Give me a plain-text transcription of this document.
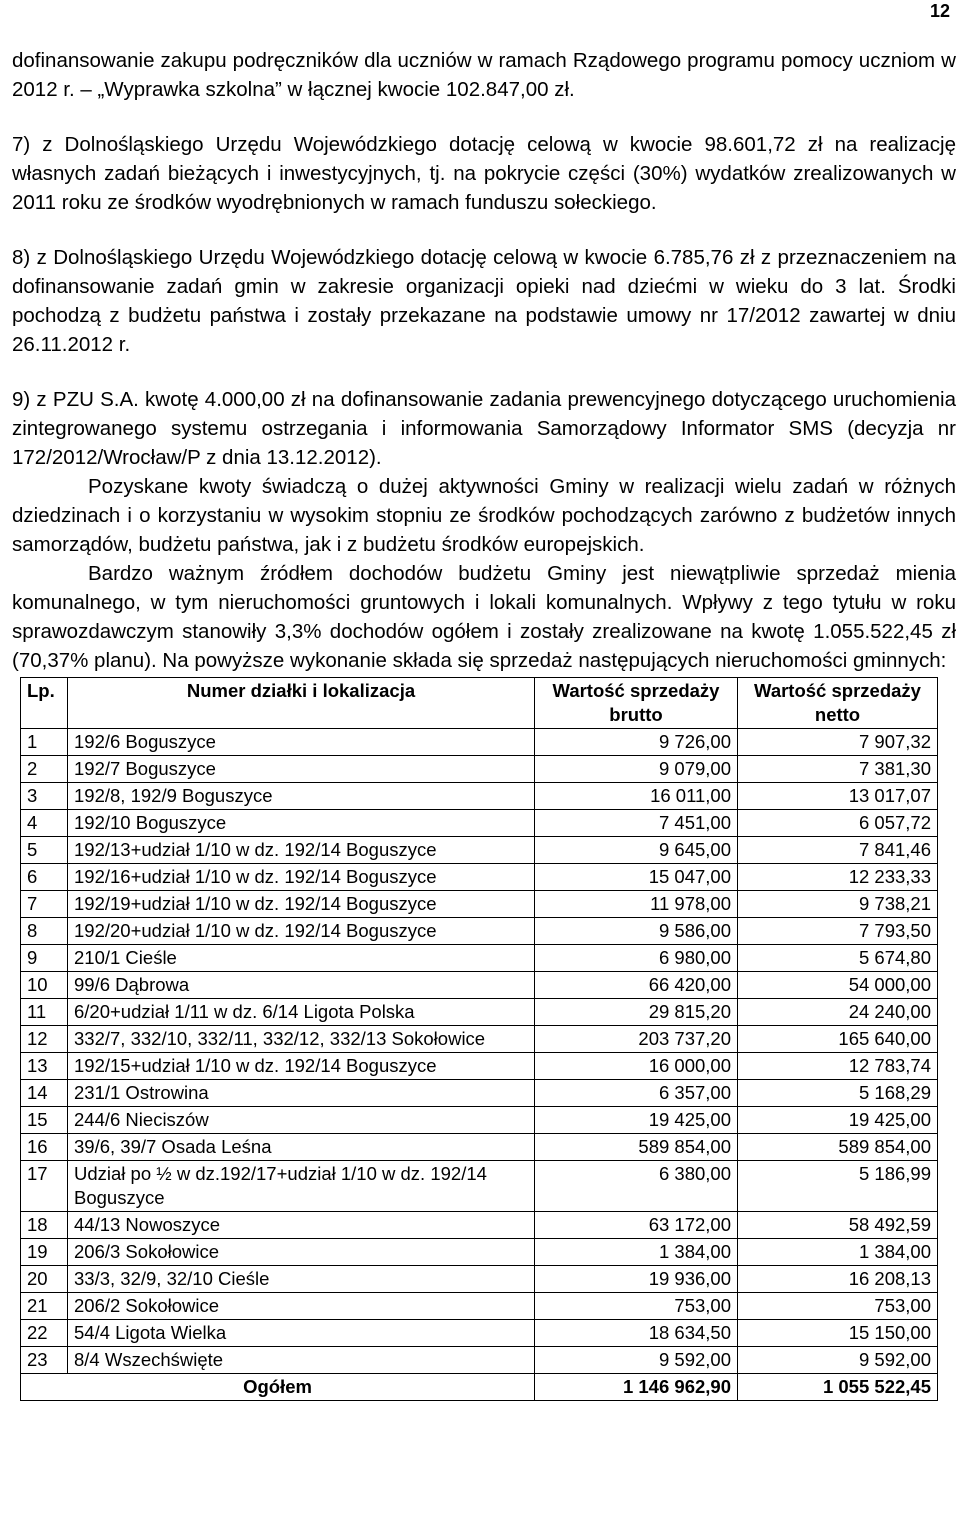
12

dofinansowanie zakupu podręczników dla uczniów w ramach Rządowego programu pomocy uczniom w 2012 r. – „Wyprawka szkolna” w łącznej kwocie 102.847,00 zł.

7) z Dolnośląskiego Urzędu Wojewódzkiego dotację celową w kwocie 98.601,72 zł na realizację własnych zadań bieżących i inwestycyjnych, tj. na pokrycie części (30%) wydatków zrealizowanych w 2011 roku ze środków wyodrębnionych w ramach funduszu sołeckiego.

8) z Dolnośląskiego Urzędu Wojewódzkiego dotację celową w kwocie 6.785,76 zł z przeznaczeniem na dofinansowanie zadań gmin w zakresie organizacji opieki nad dziećmi w wieku do 3 lat. Środki pochodzą z budżetu państwa i zostały przekazane na podstawie umowy nr 17/2012 zawartej w dniu 26.11.2012 r.

9) z PZU S.A. kwotę 4.000,00 zł na dofinansowanie zadania prewencyjnego dotyczącego uruchomienia zintegrowanego systemu ostrzegania i informowania Samorządowy Informator SMS (decyzja nr 172/2012/Wrocław/P z dnia 13.12.2012).

Pozyskane kwoty świadczą o dużej aktywności Gminy w realizacji wielu zadań w różnych dziedzinach i o korzystaniu w wysokim stopniu ze środków pochodzących zarówno z budżetów innych samorządów, budżetu państwa, jak i z budżetu środków europejskich.

Bardzo ważnym źródłem dochodów budżetu Gminy jest niewątpliwie sprzedaż mienia komunalnego, w tym nieruchomości gruntowych i lokali komunalnych. Wpływy z tego tytułu w roku sprawozdawczym stanowiły 3,3% dochodów ogółem i zostały zrealizowane na kwotę 1.055.522,45 zł (70,37% planu). Na powyższe wykonanie składa się sprzedaż następujących nieruchomości gminnych:

Lp.	Numer działki i lokalizacja	Wartość sprzedaży brutto	Wartość sprzedaży netto
1	192/6 Boguszyce	9 726,00	7 907,32
2	192/7 Boguszyce	9 079,00	7 381,30
3	192/8, 192/9 Boguszyce	16 011,00	13 017,07
4	192/10 Boguszyce	7 451,00	6 057,72
5	192/13+udział 1/10 w dz. 192/14 Boguszyce	9 645,00	7 841,46
6	192/16+udział 1/10 w dz. 192/14 Boguszyce	15 047,00	12 233,33
7	192/19+udział 1/10 w dz. 192/14 Boguszyce	11 978,00	9 738,21
8	192/20+udział 1/10 w dz. 192/14 Boguszyce	9 586,00	7 793,50
9	210/1 Cieśle	6 980,00	5 674,80
10	99/6 Dąbrowa	66 420,00	54 000,00
11	6/20+udział 1/11 w dz. 6/14 Ligota Polska	29 815,20	24 240,00
12	332/7, 332/10, 332/11, 332/12, 332/13 Sokołowice	203 737,20	165 640,00
13	192/15+udział 1/10 w dz. 192/14 Boguszyce	16 000,00	12 783,74
14	231/1 Ostrowina	6 357,00	5 168,29
15	244/6 Nieciszów	19 425,00	19 425,00
16	39/6, 39/7 Osada Leśna	589 854,00	589 854,00
17	Udział po ½ w dz.192/17+udział 1/10 w dz. 192/14 Boguszyce	6 380,00	5 186,99
18	44/13 Nowoszyce	63 172,00	58 492,59
19	206/3 Sokołowice	1 384,00	1 384,00
20	33/3, 32/9, 32/10 Cieśle	19 936,00	16 208,13
21	206/2 Sokołowice	753,00	753,00
22	54/4 Ligota Wielka	18 634,50	15 150,00
23	8/4 Wszechświęte	9 592,00	9 592,00
Ogółem		1 146 962,90	1 055 522,45
